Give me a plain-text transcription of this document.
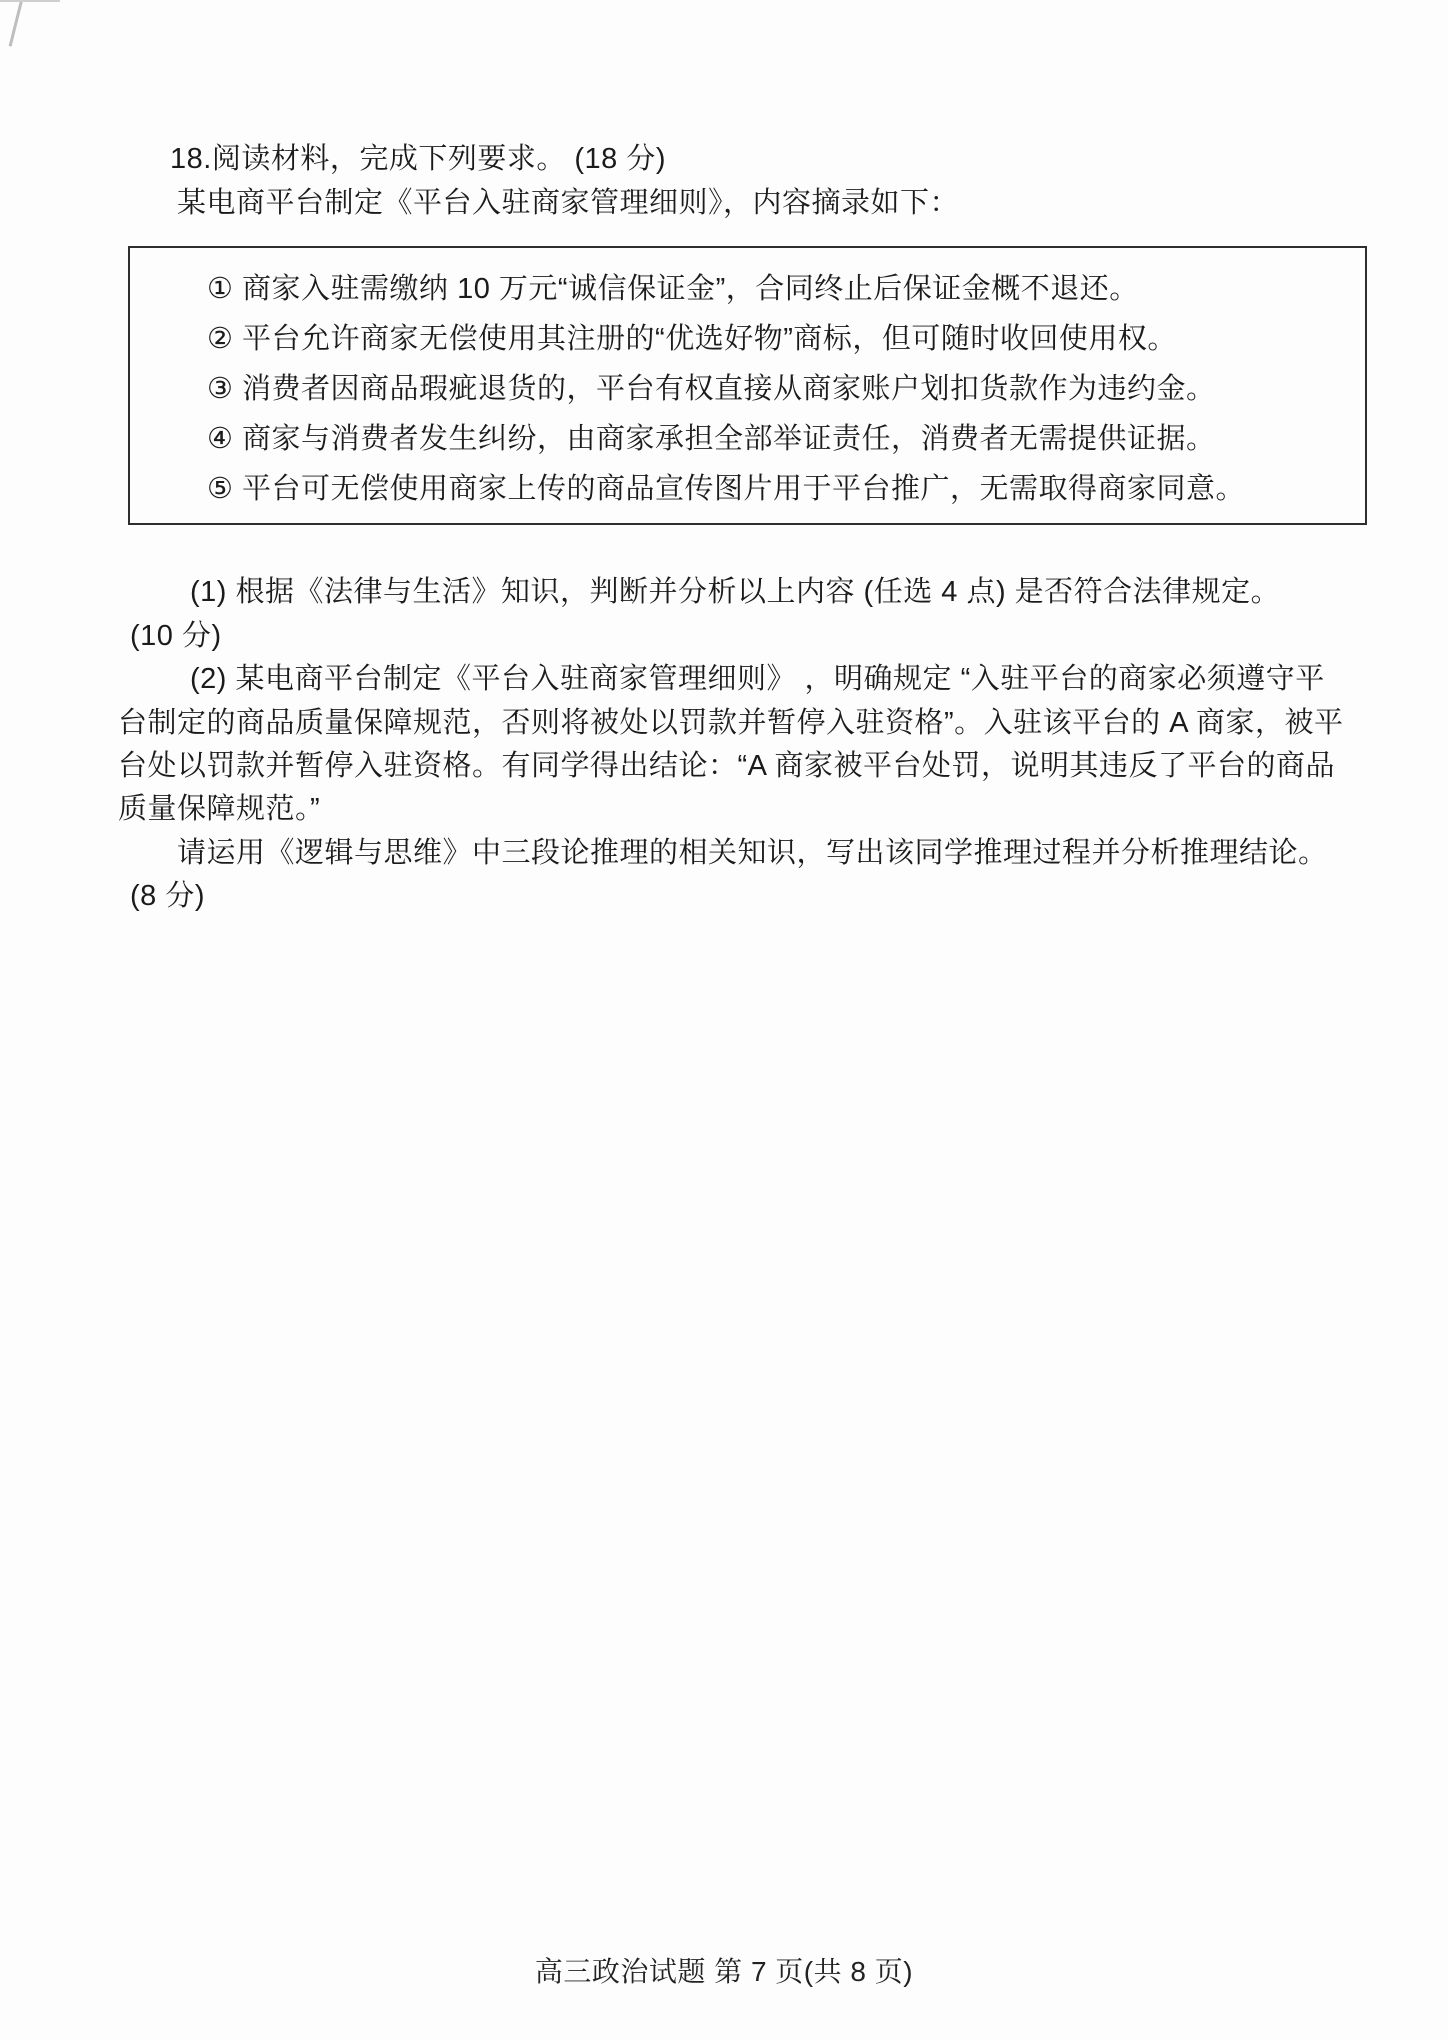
18.阅读材料，完成下列要求。 (18 分)
某电商平台制定《平台入驻商家管理细则》，内容摘录如下：
① 商家入驻需缴纳 10 万元“诚信保证金”，合同终止后保证金概不退还。
② 平台允许商家无偿使用其注册的“优选好物”商标，但可随时收回使用权。
③ 消费者因商品瑕疵退货的，平台有权直接从商家账户划扣货款作为违约金。
④ 商家与消费者发生纠纷，由商家承担全部举证责任，消费者无需提供证据。
⑤ 平台可无偿使用商家上传的商品宣传图片用于平台推广，无需取得商家同意。
(1) 根据《法律与生活》知识，判断并分析以上内容 (任选 4 点) 是否符合法律规定。
(10 分)
(2) 某电商平台制定《平台入驻商家管理细则》 ，明确规定 “入驻平台的商家必须遵守平
台制定的商品质量保障规范，否则将被处以罚款并暂停入驻资格”。入驻该平台的 A 商家，被平
台处以罚款并暂停入驻资格。有同学得出结论：“A 商家被平台处罚，说明其违反了平台的商品
质量保障规范。”
请运用《逻辑与思维》中三段论推理的相关知识，写出该同学推理过程并分析推理结论。
(8 分)
高三政治试题 第 7 页(共 8 页)
